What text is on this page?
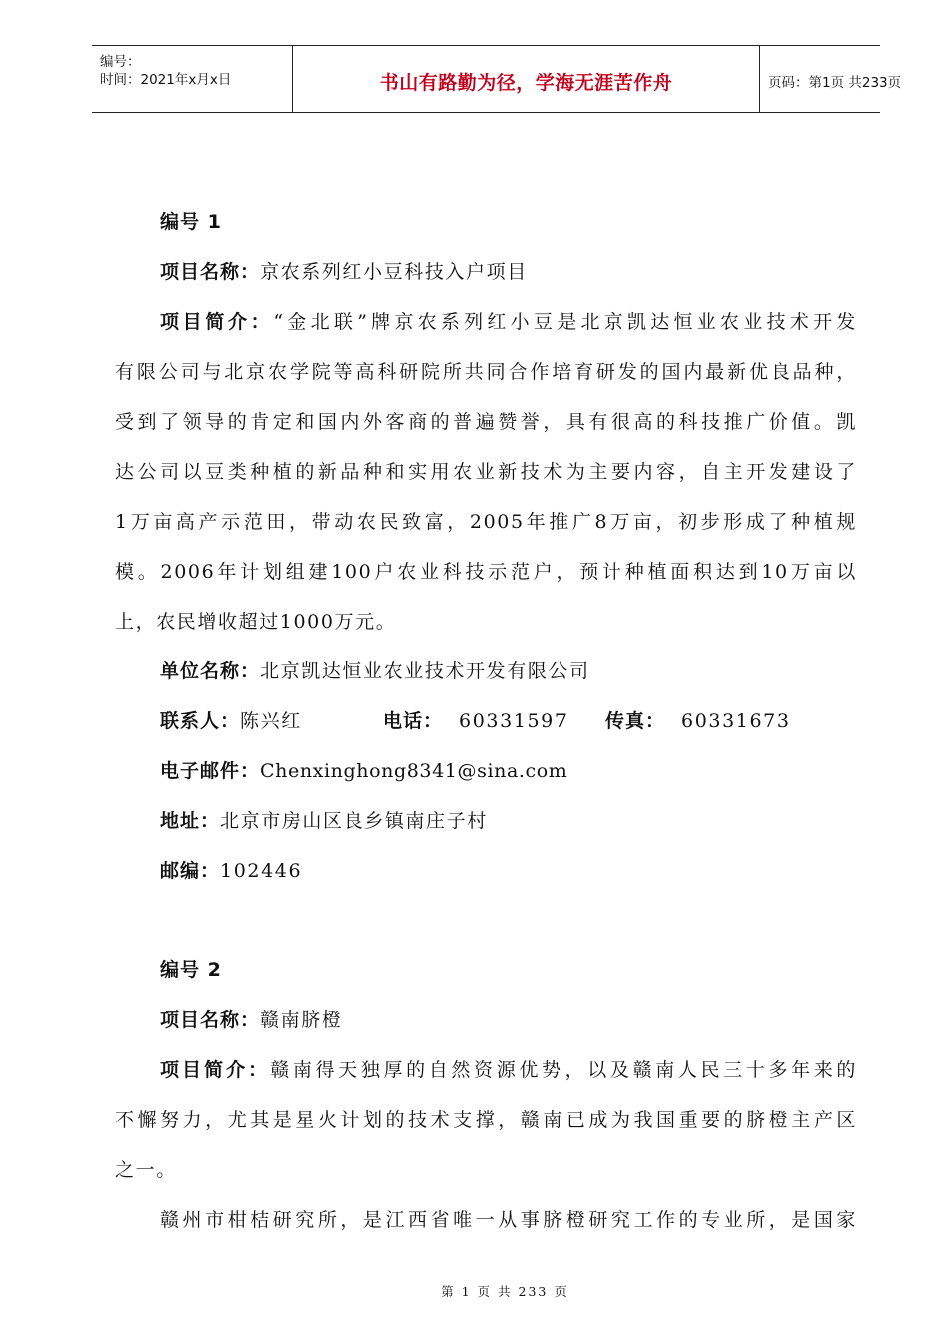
编号：
时间：2021年x月x日	书山有路勤为径，学海无涯苦作舟	页码：第1页 共233页
编号 1
项目名称：京农系列红小豆科技入户项目
项目简介：“金北联”牌京农系列红小豆是北京凯达恒业农业技术开发
有限公司与北京农学院等高科研院所共同合作培育研发的国内最新优良品种，
受到了领导的肯定和国内外客商的普遍赞誉，具有很高的科技推广价值。凯
达公司以豆类种植的新品种和实用农业新技术为主要内容，自主开发建设了
1万亩高产示范田，带动农民致富，2005年推广8万亩，初步形成了种植规
模。2006年计划组建100户农业科技示范户，预计种植面积达到10万亩以
上，农民增收超过1000万元。
单位名称：北京凯达恒业农业技术开发有限公司
联系人：陈兴红	电话： 60331597 传真： 60331673
电子邮件：Chenxinghong8341@sina.com
地址：北京市房山区良乡镇南庄子村
邮编：102446
编号 2
项目名称：赣南脐橙
项目简介：赣南得天独厚的自然资源优势，以及赣南人民三十多年来的
不懈努力，尤其是星火计划的技术支撑，赣南已成为我国重要的脐橙主产区
之一。
赣州市柑桔研究所，是江西省唯一从事脐橙研究工作的专业所，是国家
第 1 页 共 233 页
